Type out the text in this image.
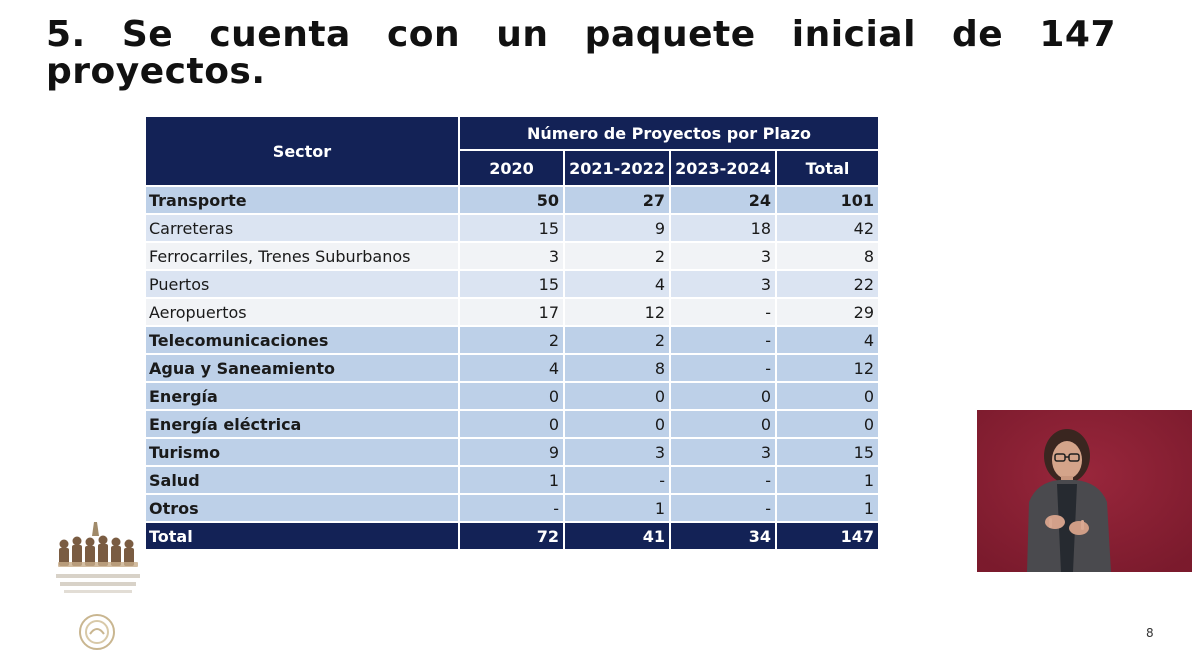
5. Se cuenta con un paquete inicial de 147 proyectos.
Sector	Número de Proyectos por Plazo			
	2020	2021-2022	2023-2024	Total
Transporte	50	27	24	101
Carreteras	15	9	18	42
Ferrocarriles, Trenes Suburbanos	3	2	3	8
Puertos	15	4	3	22
Aeropuertos	17	12	-	29
Telecomunicaciones	2	2	-	4
Agua y Saneamiento	4	8	-	12
Energía	0	0	0	0
Energía eléctrica	0	0	0	0
Turismo	9	3	3	15
Salud	1	-	-	1
Otros	-	1	-	1
Total	72	41	34	147
8
